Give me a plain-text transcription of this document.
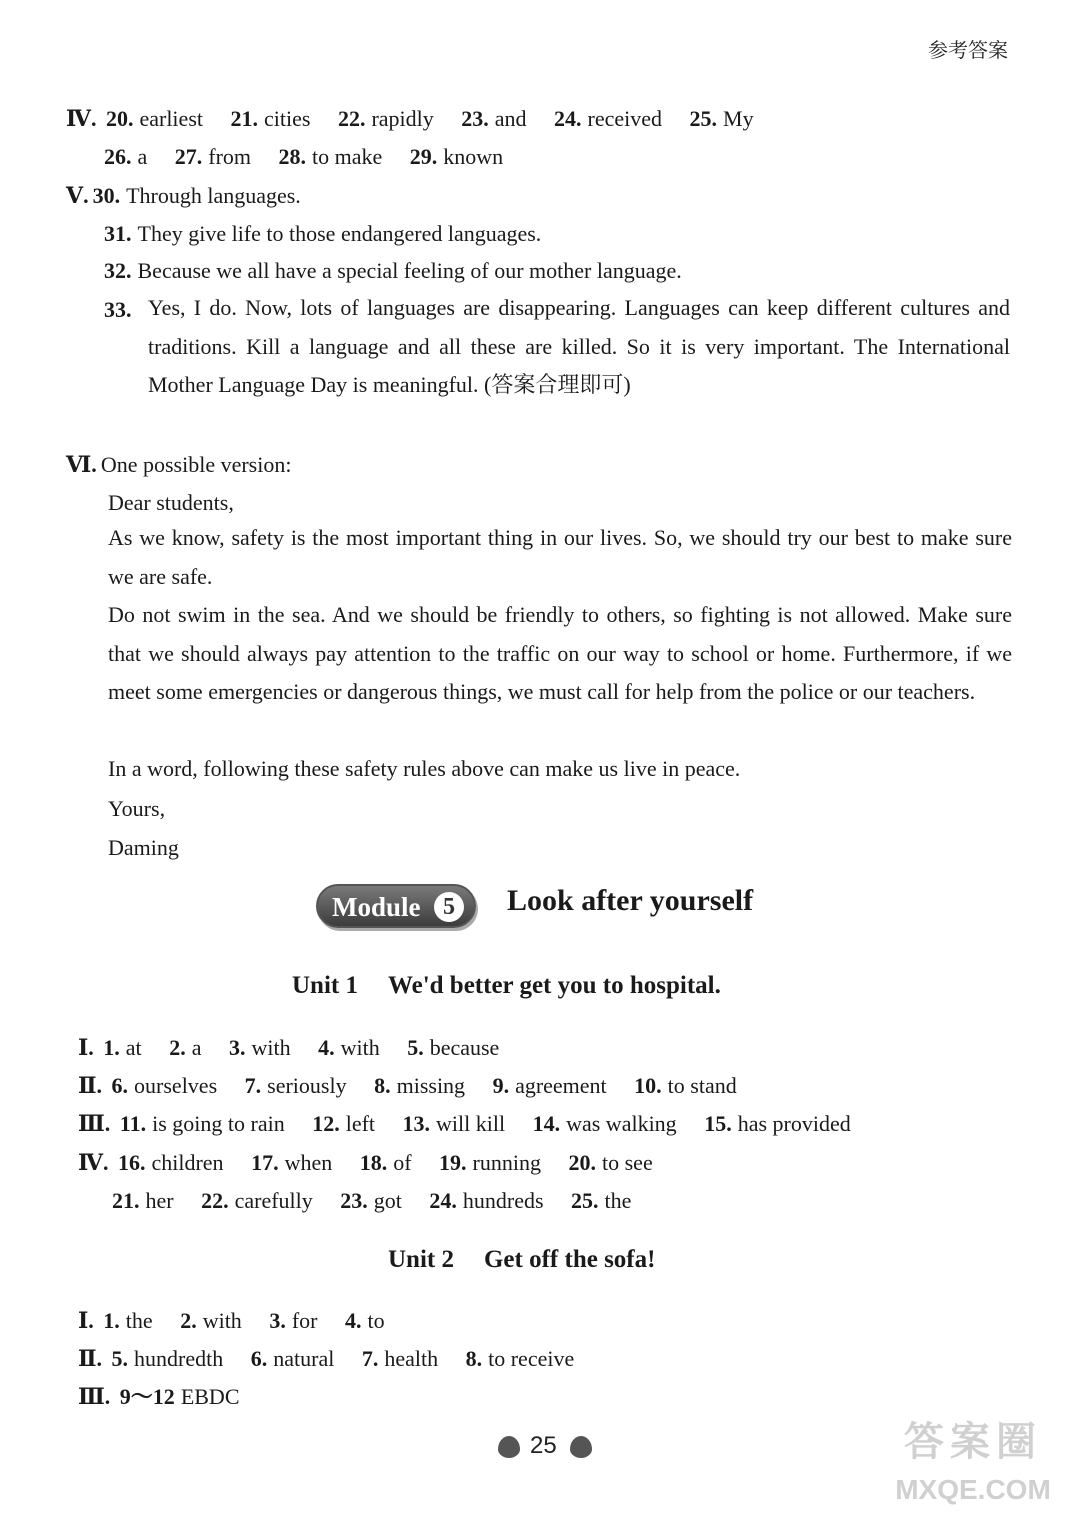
参考答案
Ⅳ. 20. earliest 21. cities 22. rapidly 23. and 24. received 25. My
26. a 27. from 28. to make 29. known
Ⅴ. 30. Through languages.
31. They give life to those endangered languages.
32. Because we all have a special feeling of our mother language.
33. Yes, I do. Now, lots of languages are disappearing. Languages can keep different cultures and traditions. Kill a language and all these are killed. So it is very important. The International Mother Language Day is meaningful. (答案合理即可)
Ⅵ. One possible version:
Dear students,
As we know, safety is the most important thing in our lives. So, we should try our best to make sure we are safe.
Do not swim in the sea. And we should be friendly to others, so fighting is not allowed. Make sure that we should always pay attention to the traffic on our way to school or home. Furthermore, if we meet some emergencies or dangerous things, we must call for help from the police or our teachers.
In a word, following these safety rules above can make us live in peace.
Yours,
Daming
Module 5	Look after yourself
Unit 1 We'd better get you to hospital.
Ⅰ. 1. at 2. a 3. with 4. with 5. because
Ⅱ. 6. ourselves 7. seriously 8. missing 9. agreement 10. to stand
Ⅲ. 11. is going to rain 12. left 13. will kill 14. was walking 15. has provided
Ⅳ. 16. children 17. when 18. of 19. running 20. to see
21. her 22. carefully 23. got 24. hundreds 25. the
Unit 2 Get off the sofa!
Ⅰ. 1. the 2. with 3. for 4. to
Ⅱ. 5. hundredth 6. natural 7. health 8. to receive
Ⅲ. 9～12 EBDC
25	答案圈
MXQE.COM
